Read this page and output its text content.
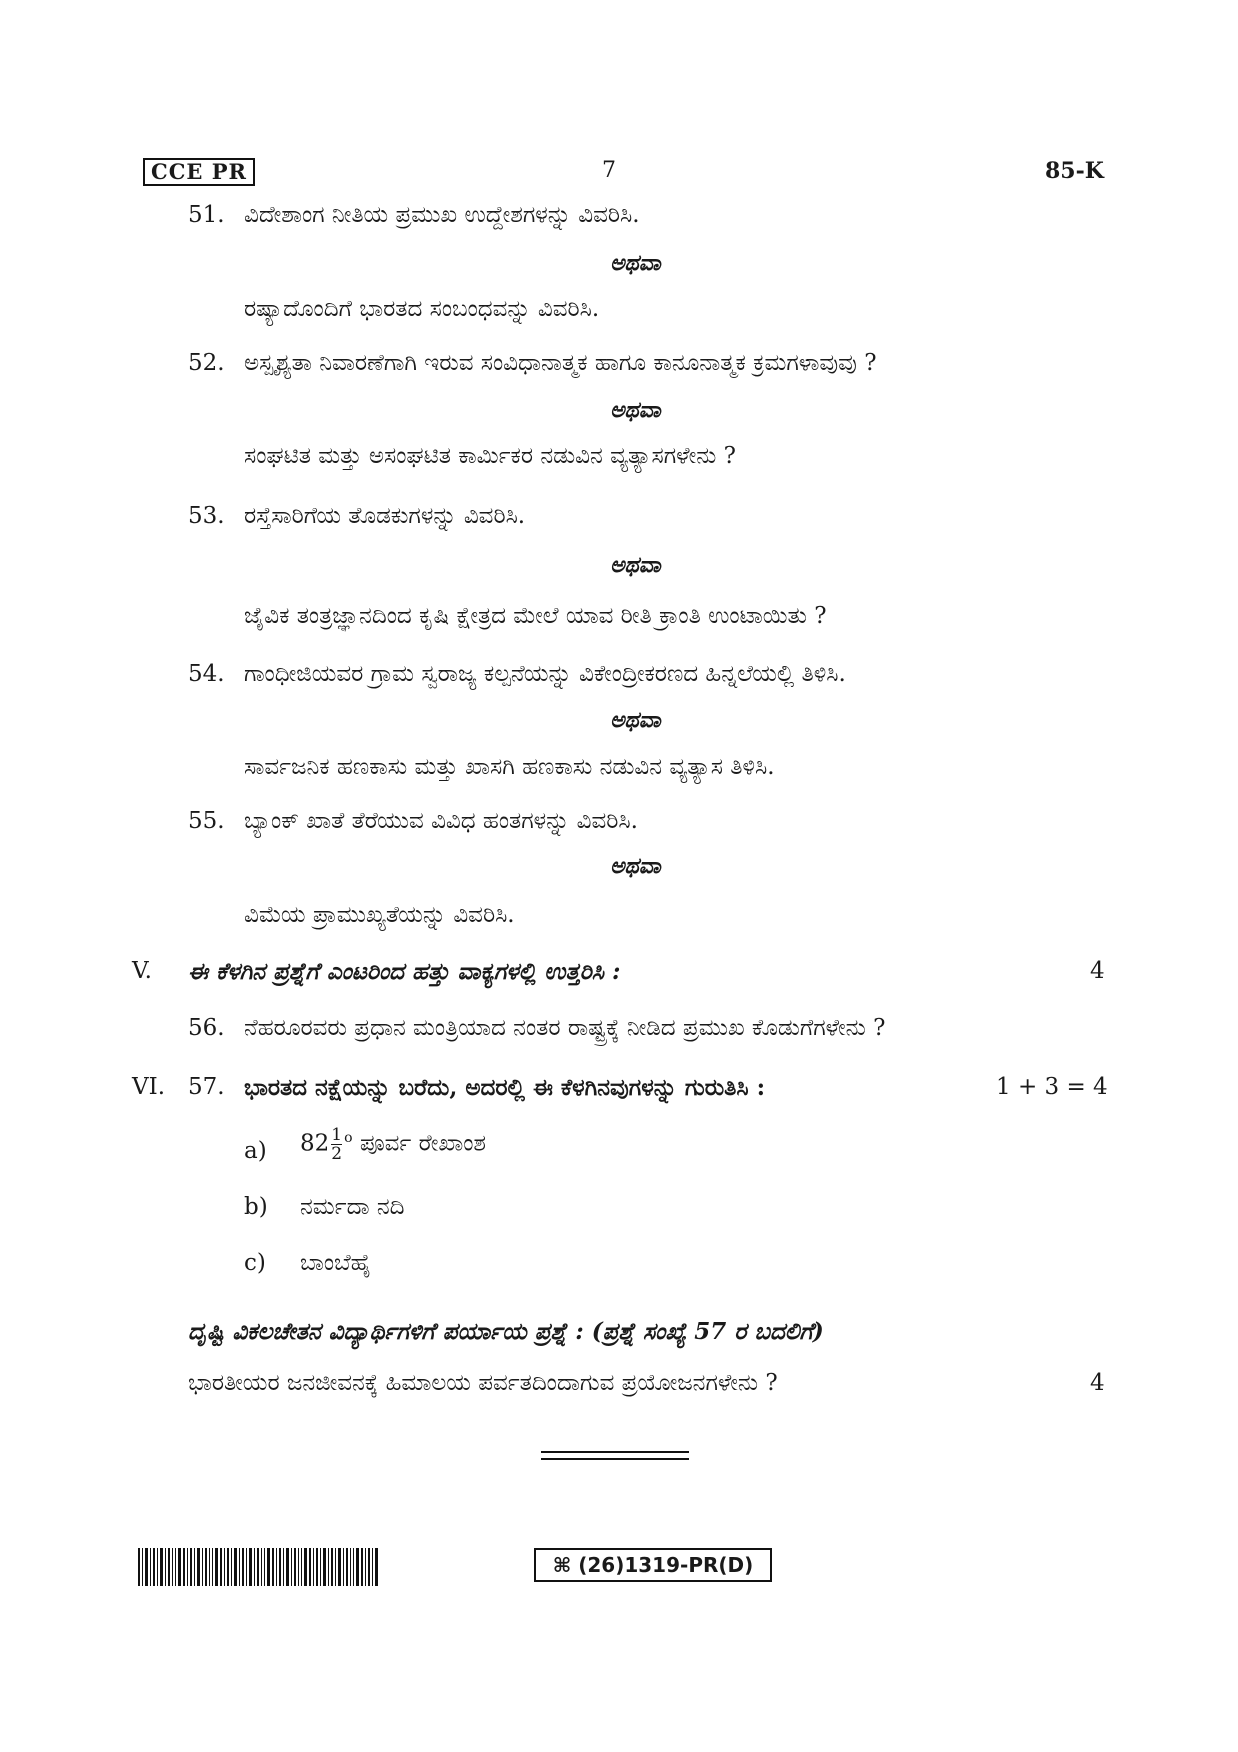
CCE PR	7	85-K
51. ವಿದೇಶಾಂಗ ನೀತಿಯ ಪ್ರಮುಖ ಉದ್ದೇಶಗಳನ್ನು ವಿವರಿಸಿ.
ಅಥವಾ
ರಷ್ಯಾದೊಂದಿಗೆ ಭಾರತದ ಸಂಬಂಧವನ್ನು ವಿವರಿಸಿ.
52. ಅಸ್ಪೃಶ್ಯತಾ ನಿವಾರಣೆಗಾಗಿ ಇರುವ ಸಂವಿಧಾನಾತ್ಮಕ ಹಾಗೂ ಕಾನೂನಾತ್ಮಕ ಕ್ರಮಗಳಾವುವು ?
ಅಥವಾ
ಸಂಘಟಿತ ಮತ್ತು ಅಸಂಘಟಿತ ಕಾರ್ಮಿಕರ ನಡುವಿನ ವ್ಯತ್ಯಾಸಗಳೇನು ?
53. ರಸ್ತೆಸಾರಿಗೆಯ ತೊಡಕುಗಳನ್ನು ವಿವರಿಸಿ.
ಅಥವಾ
ಜೈವಿಕ ತಂತ್ರಜ್ಞಾನದಿಂದ ಕೃಷಿ ಕ್ಷೇತ್ರದ ಮೇಲೆ ಯಾವ ರೀತಿ ಕ್ರಾಂತಿ ಉಂಟಾಯಿತು ?
54. ಗಾಂಧೀಜಿಯವರ ಗ್ರಾಮ ಸ್ವರಾಜ್ಯ ಕಲ್ಪನೆಯನ್ನು ವಿಕೇಂದ್ರೀಕರಣದ ಹಿನ್ನಲೆಯಲ್ಲಿ ತಿಳಿಸಿ.
ಅಥವಾ
ಸಾರ್ವಜನಿಕ ಹಣಕಾಸು ಮತ್ತು ಖಾಸಗಿ ಹಣಕಾಸು ನಡುವಿನ ವ್ಯತ್ಯಾಸ ತಿಳಿಸಿ.
55. ಬ್ಯಾಂಕ್ ಖಾತೆ ತೆರೆಯುವ ವಿವಿಧ ಹಂತಗಳನ್ನು ವಿವರಿಸಿ.
ಅಥವಾ
ವಿಮೆಯ ಪ್ರಾಮುಖ್ಯತೆಯನ್ನು ವಿವರಿಸಿ.
V. ಈ ಕೆಳಗಿನ ಪ್ರಶ್ನೆಗೆ ಎಂಟರಿಂದ ಹತ್ತು ವಾಕ್ಯಗಳಲ್ಲಿ ಉತ್ತರಿಸಿ :	4
56. ನೆಹರೂರವರು ಪ್ರಧಾನ ಮಂತ್ರಿಯಾದ ನಂತರ ರಾಷ್ಟ್ರಕ್ಕೆ ನೀಡಿದ ಪ್ರಮುಖ ಕೊಡುಗೆಗಳೇನು ?
VI. 57. ಭಾರತದ ನಕ್ಷೆಯನ್ನು ಬರೆದು, ಅದರಲ್ಲಿ ಈ ಕೆಳಗಿನವುಗಳನ್ನು ಗುರುತಿಸಿ :	1 + 3 = 4
a) $82 \frac{1}{2} ^o$ ಪೂರ್ವ ರೇಖಾಂಶ
b) ನರ್ಮದಾ ನದಿ
c) ಬಾಂಬೆಹೈ
ದೃಷ್ಟಿ ವಿಕಲಚೇತನ ವಿದ್ಯಾರ್ಥಿಗಳಿಗೆ ಪರ್ಯಾಯ ಪ್ರಶ್ನೆ : (ಪ್ರಶ್ನೆ ಸಂಖ್ಯೆ 57 ರ ಬದಲಿಗೆ)
ಭಾರತೀಯರ ಜನಜೀವನಕ್ಕೆ ಹಿಮಾಲಯ ಪರ್ವತದಿಂದಾಗುವ ಪ್ರಯೋಜನಗಳೇನು ?	4
⌘ (26)1319-PR(D)
